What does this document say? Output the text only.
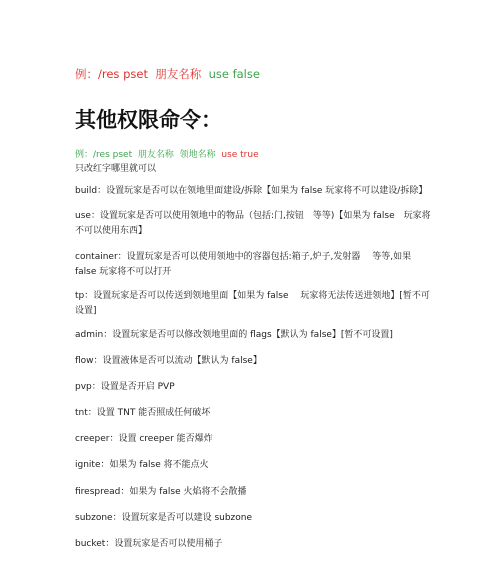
例：/res pset 朋友名称 use false
其他权限命令：
例：/res pset 朋友名称 领地名称 use true
只改红字哪里就可以
build：设置玩家是否可以在领地里面建设/拆除【如果为 false 玩家将不可以建设/拆除】
use：设置玩家是否可以使用领地中的物品（包括:门,按钮　等等)【如果为 false　玩家将不可以使用东西】
container：设置玩家是否可以使用领地中的容器包括:箱子,炉子,发射器　 等等,如果 false 玩家将不可以打开
tp：设置玩家是否可以传送到领地里面【如果为 false　 玩家将无法传送进领地】[暂不可设置]
admin：设置玩家是否可以修改领地里面的 flags【默认为 false】[暂不可设置]
flow：设置液体是否可以流动【默认为 false】
pvp：设置是否开启 PVP
tnt：设置 TNT 能否照成任何破坏
creeper：设置 creeper 能否爆炸
ignite：如果为 false 将不能点火
firespread：如果为 false 火焰将不会散播
subzone：设置玩家是否可以建设 subzone
bucket：设置玩家是否可以使用桶子
